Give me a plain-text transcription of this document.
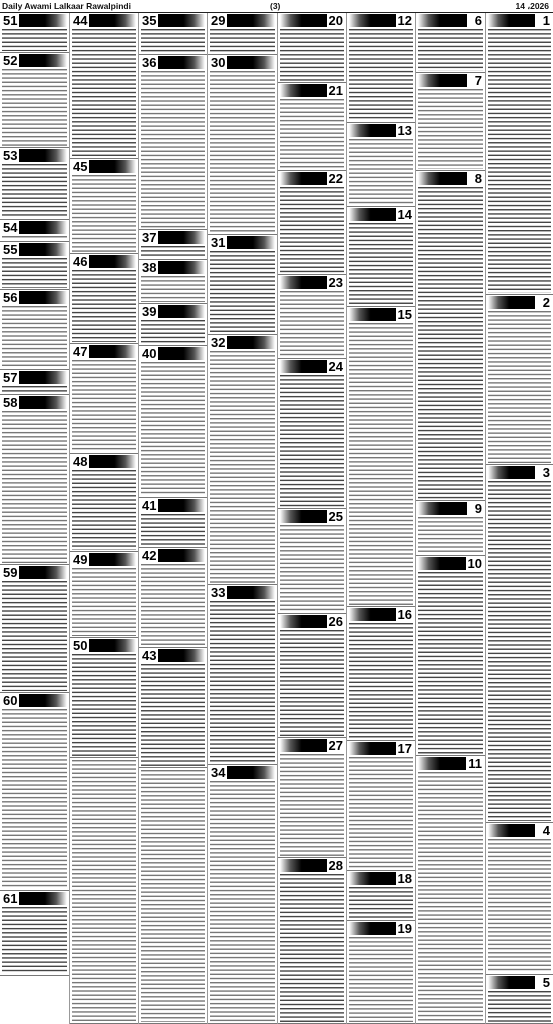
Daily Awami Lalkaar Rawalpindi	(3)	14 ،2026
51
52
53
54
55
56
57
58
59
60
61
44
45
46
47
48
49
50
35
36
37
38
39
40
41
42
43
29
30
31
32
33
34
20
21
22
23
24
25
26
27
28
12
13
14
15
16
17
18
19
6
7
8
9
10
11
1
2
3
4
5
